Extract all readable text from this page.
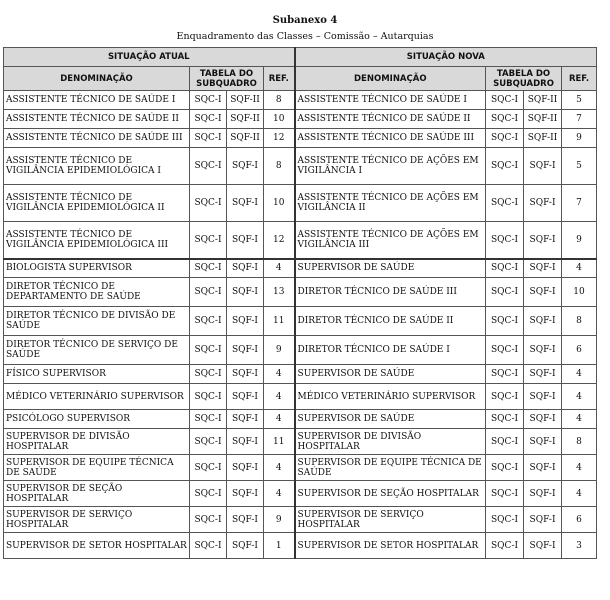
Subanexo 4
Enquadramento das Classes – Comissão – Autarquias
SITUAÇÃO ATUAL				SITUAÇÃO NOVA			
DENOMINAÇÃO	TABELA DO SUBQUADRO		REF.	DENOMINAÇÃO	TABELA DO SUBQUADRO		REF.
ASSISTENTE TÉCNICO DE SAÚDE I	SQC-I	SQF-II	8	ASSISTENTE TÉCNICO DE SAÚDE I	SQC-I	SQF-II	5
ASSISTENTE TÉCNICO DE SAÚDE II	SQC-I	SQF-II	10	ASSISTENTE TÉCNICO DE SAÚDE II	SQC-I	SQF-II	7
ASSISTENTE TÉCNICO DE SAÚDE III	SQC-I	SQF-II	12	ASSISTENTE TÉCNICO DE SAÚDE III	SQC-I	SQF-II	9
ASSISTENTE TÉCNICO DE VIGILÂNCIA EPIDEMIOLÓGICA I	SQC-I	SQF-I	8	ASSISTENTE TÉCNICO DE AÇÕES EM VIGILÂNCIA I	SQC-I	SQF-I	5
ASSISTENTE TÉCNICO DE VIGILÂNCIA EPIDEMIOLÓGICA II	SQC-I	SQF-I	10	ASSISTENTE TÉCNICO DE AÇÕES EM VIGILÂNCIA II	SQC-I	SQF-I	7
ASSISTENTE TÉCNICO DE VIGILÂNCIA EPIDEMIOLÓGICA III	SQC-I	SQF-I	12	ASSISTENTE TÉCNICO DE AÇÕES EM VIGILÂNCIA III	SQC-I	SQF-I	9
BIOLOGISTA SUPERVISOR	SQC-I	SQF-I	4	SUPERVISOR DE SAÚDE	SQC-I	SQF-I	4
DIRETOR TÉCNICO DE DEPARTAMENTO DE SAÚDE	SQC-I	SQF-I	13	DIRETOR TÉCNICO DE SAÚDE III	SQC-I	SQF-I	10
DIRETOR TÉCNICO DE DIVISÃO DE SAÚDE	SQC-I	SQF-I	11	DIRETOR TÉCNICO DE SAÚDE II	SQC-I	SQF-I	8
DIRETOR TÉCNICO DE SERVIÇO DE SAÚDE	SQC-I	SQF-I	9	DIRETOR TÉCNICO DE SAÚDE I	SQC-I	SQF-I	6
FÍSICO SUPERVISOR	SQC-I	SQF-I	4	SUPERVISOR DE SAÚDE	SQC-I	SQF-I	4
MÉDICO VETERINÁRIO SUPERVISOR	SQC-I	SQF-I	4	MÉDICO VETERINÁRIO SUPERVISOR	SQC-I	SQF-I	4
PSICÓLOGO SUPERVISOR	SQC-I	SQF-I	4	SUPERVISOR DE SAÚDE	SQC-I	SQF-I	4
SUPERVISOR DE DIVISÃO HOSPITALAR	SQC-I	SQF-I	11	SUPERVISOR DE DIVISÃO HOSPITALAR	SQC-I	SQF-I	8
SUPERVISOR DE EQUIPE TÉCNICA DE SAÚDE	SQC-I	SQF-I	4	SUPERVISOR DE EQUIPE TÉCNICA DE SAÚDE	SQC-I	SQF-I	4
SUPERVISOR DE SEÇÃO HOSPITALAR	SQC-I	SQF-I	4	SUPERVISOR DE SEÇÃO HOSPITALAR	SQC-I	SQF-I	4
SUPERVISOR DE SERVIÇO HOSPITALAR	SQC-I	SQF-I	9	SUPERVISOR DE SERVIÇO HOSPITALAR	SQC-I	SQF-I	6
SUPERVISOR DE SETOR HOSPITALAR	SQC-I	SQF-I	1	SUPERVISOR DE SETOR HOSPITALAR	SQC-I	SQF-I	3
